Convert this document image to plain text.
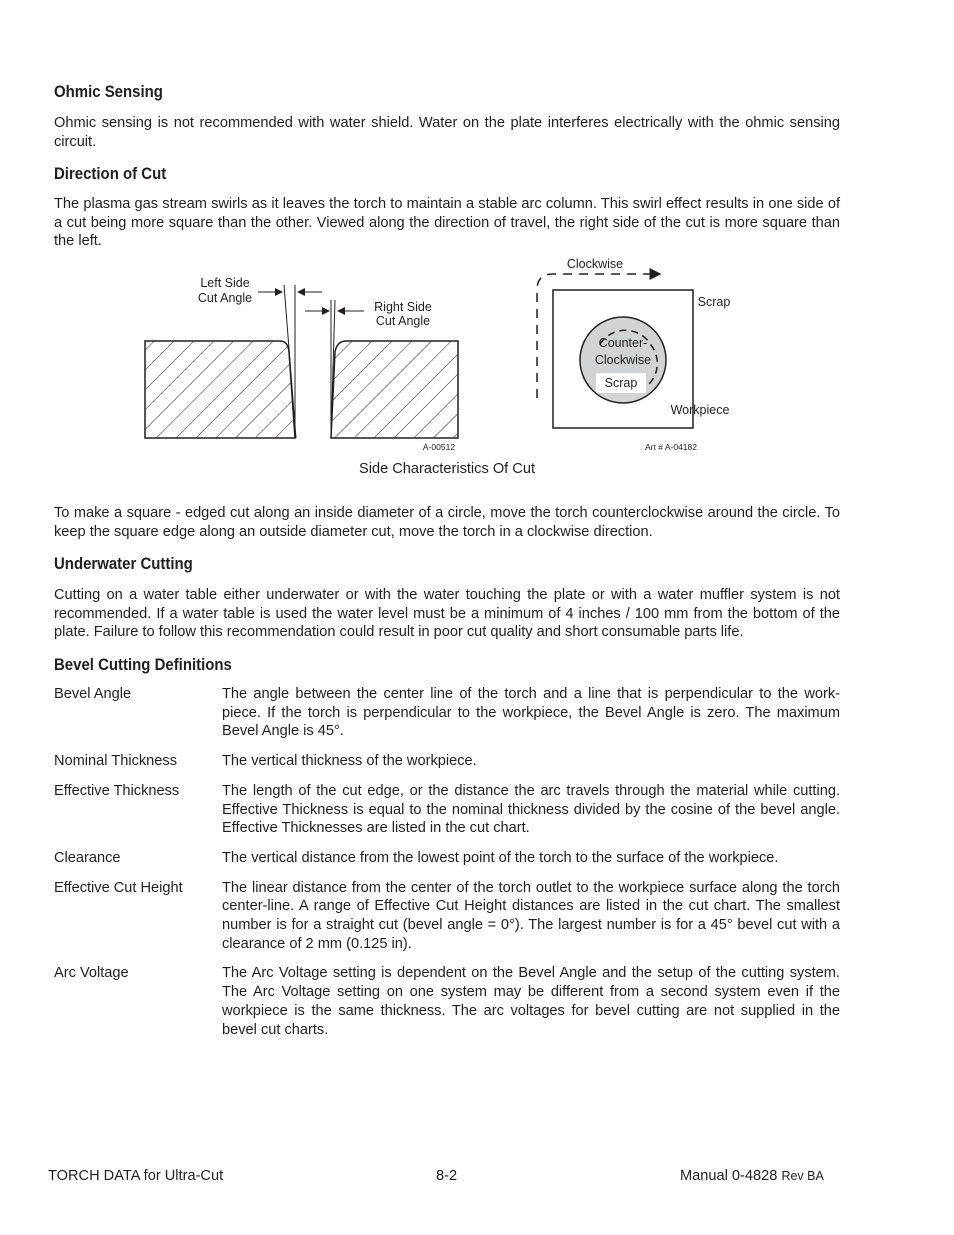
Ohmic Sensing

Ohmic sensing is not recommended with water shield. Water on the plate interferes electrically with the ohmic sensing circuit.

Direction of Cut

The plasma gas stream swirls as it leaves the torch to maintain a stable arc column. This swirl effect results in one side of a cut being more square than the other. Viewed along the direction of travel, the right side of the cut is more square than the left.

Left Side
Cut Angle
Right Side
Cut Angle
A-00512
Clockwise
Scrap
Workpiece
Counter-
Clockwise
Scrap
Art # A-04182
Side Characteristics Of Cut

To make a square - edged cut along an inside diameter of a circle, move the torch counterclockwise around the circle. To keep the square edge along an outside diameter cut, move the torch in a clockwise direction.

Underwater Cutting

Cutting on a water table either underwater or with the water touching the plate or with a water muffler system is not recommended. If a water table is used the water level must be a minimum of 4 inches / 100 mm from the bottom of the plate. Failure to follow this recommendation could result in poor cut quality and short consumable parts life.

Bevel Cutting Definitions
Bevel Angle	The angle between the center line of the torch and a line that is perpendicular to the work-piece. If the torch is perpendicular to the workpiece, the Bevel Angle is zero. The maximum Bevel Angle is 45°.
Nominal Thickness	The vertical thickness of the workpiece.
Effective Thickness	The length of the cut edge, or the distance the arc travels through the material while cutting. Effective Thickness is equal to the nominal thickness divided by the cosine of the bevel angle. Effective Thicknesses are listed in the cut chart.
Clearance	The vertical distance from the lowest point of the torch to the surface of the workpiece.
Effective Cut Height	The linear distance from the center of the torch outlet to the workpiece surface along the torch center-line. A range of Effective Cut Height distances are listed in the cut chart. The smallest number is for a straight cut (bevel angle = 0°). The largest number is for a 45° bevel cut with a clearance of 2 mm (0.125 in).
Arc Voltage	The Arc Voltage setting is dependent on the Bevel Angle and the setup of the cutting system. The Arc Voltage setting on one system may be different from a second system even if the workpiece is the same thickness. The arc voltages for bevel cutting are not supplied in the bevel cut charts.
TORCH DATA for Ultra-Cut	8-2	Manual 0-4828 Rev BA
